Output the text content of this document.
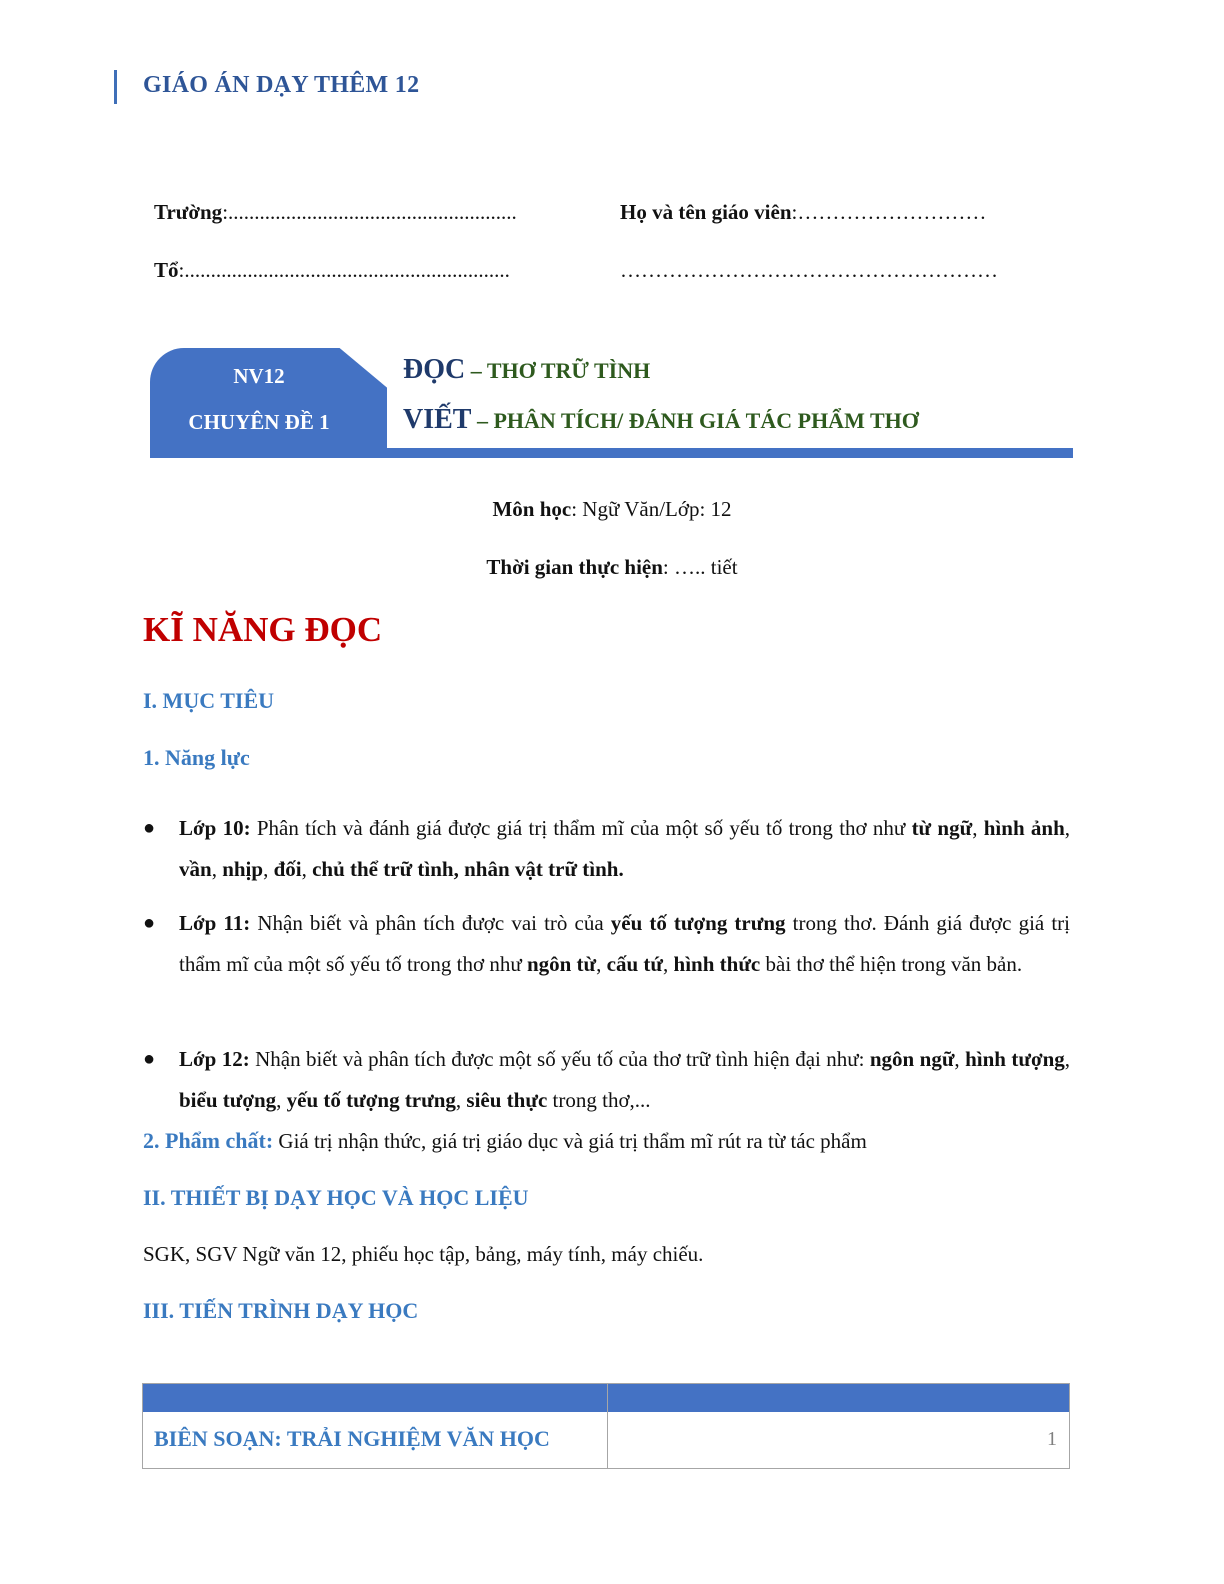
GIÁO ÁN DẠY THÊM 12
Trường:.......................................................
Tổ:..............................................................
Họ và tên giáo viên:………………………
………………………………………………
NV12
CHUYÊN ĐỀ 1
ĐỌC – THƠ TRỮ TÌNH
VIẾT – PHÂN TÍCH/ ĐÁNH GIÁ TÁC PHẨM THƠ
Môn học: Ngữ Văn/Lớp: 12
Thời gian thực hiện: ….. tiết
KĨ NĂNG ĐỌC
I. MỤC TIÊU
1. Năng lực
● Lớp 10: Phân tích và đánh giá được giá trị thẩm mĩ của một số yếu tố trong thơ như từ ngữ, hình ảnh, vần, nhịp, đối, chủ thể trữ tình, nhân vật trữ tình.
● Lớp 11: Nhận biết và phân tích được vai trò của yếu tố tượng trưng trong thơ. Đánh giá được giá trị thẩm mĩ của một số yếu tố trong thơ như ngôn từ, cấu tứ, hình thức bài thơ thể hiện trong văn bản.
● Lớp 12: Nhận biết và phân tích được một số yếu tố của thơ trữ tình hiện đại như: ngôn ngữ, hình tượng, biểu tượng, yếu tố tượng trưng, siêu thực trong thơ,...
2. Phẩm chất: Giá trị nhận thức, giá trị giáo dục và giá trị thẩm mĩ rút ra từ tác phẩm
II. THIẾT BỊ DẠY HỌC VÀ HỌC LIỆU
SGK, SGV Ngữ văn 12, phiếu học tập, bảng, máy tính, máy chiếu.
III. TIẾN TRÌNH DẠY HỌC
BIÊN SOẠN: TRẢI NGHIỆM VĂN HỌC	1
